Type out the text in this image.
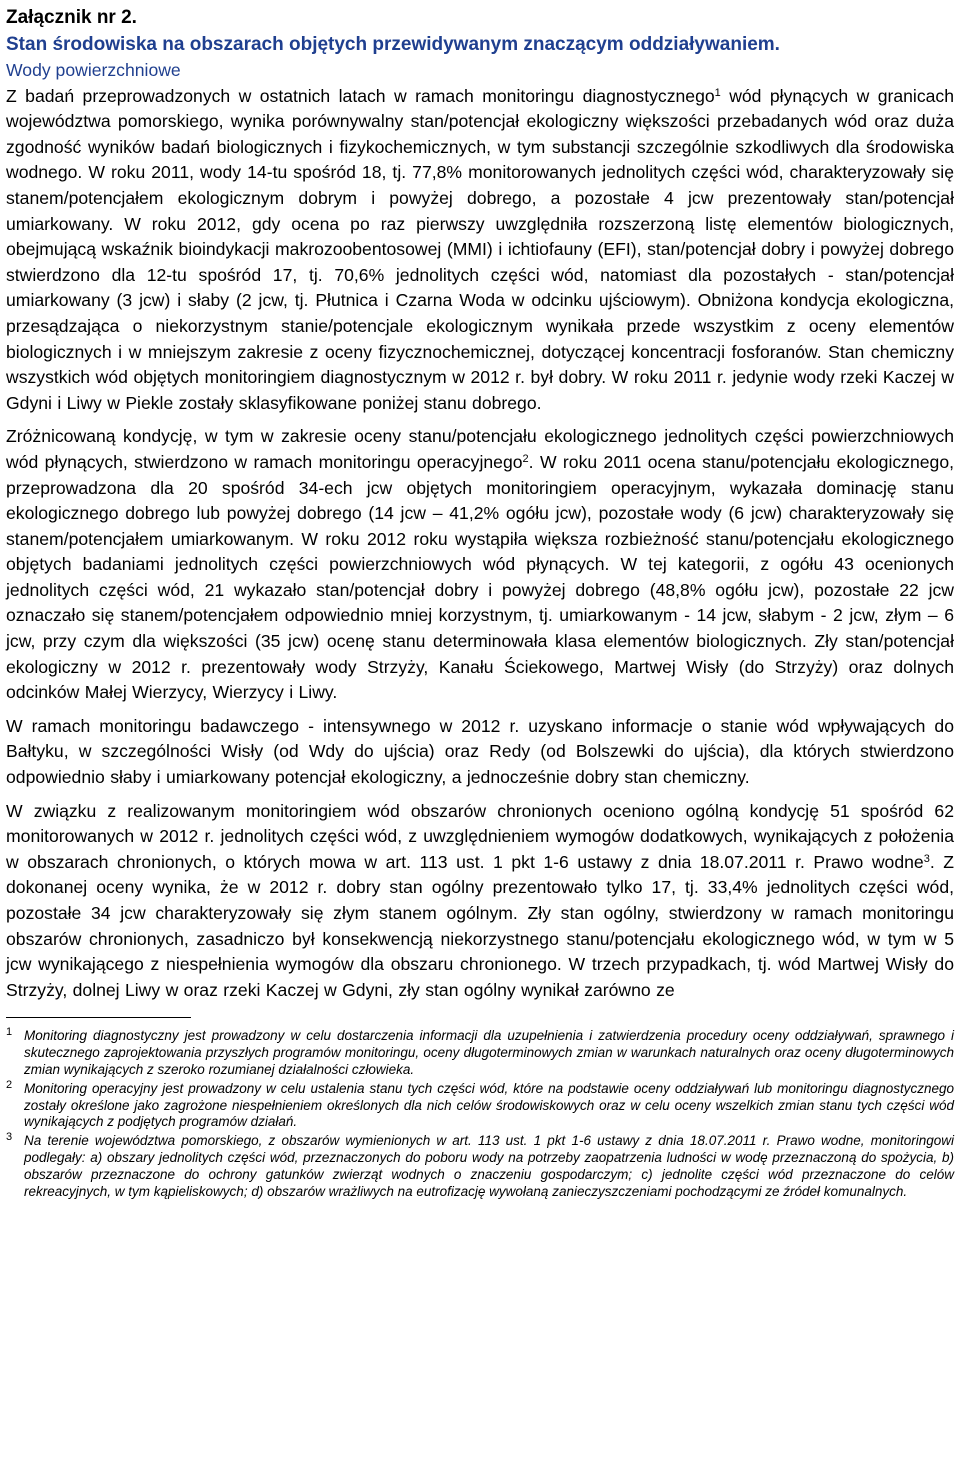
Załącznik nr 2.

Stan środowiska na obszarach objętych przewidywanym znaczącym oddziaływaniem.

Wody powierzchniowe

Z badań przeprowadzonych w ostatnich latach w ramach monitoringu diagnostycznego$^1$ wód płynących w granicach województwa pomorskiego, wynika porównywalny stan/potencjał ekologiczny większości przebadanych wód oraz duża zgodność wyników badań biologicznych i fizykochemicznych, w tym substancji szczególnie szkodliwych dla środowiska wodnego. W roku 2011, wody 14-tu spośród 18, tj. 77,8% monitorowanych jednolitych części wód, charakteryzowały się stanem/potencjałem ekologicznym dobrym i powyżej dobrego, a pozostałe 4 jcw prezentowały stan/potencjał umiarkowany. W roku 2012, gdy ocena po raz pierwszy uwzględniła rozszerzoną listę elementów biologicznych, obejmującą wskaźnik bioindykacji makrozoobentosowej (MMI) i ichtiofauny (EFI), stan/potencjał dobry i powyżej dobrego stwierdzono dla 12-tu spośród 17, tj. 70,6% jednolitych części wód, natomiast dla pozostałych - stan/potencjał umiarkowany (3 jcw) i słaby (2 jcw, tj. Płutnica i Czarna Woda w odcinku ujściowym). Obniżona kondycja ekologiczna, przesądzająca o niekorzystnym stanie/potencjale ekologicznym wynikała przede wszystkim z oceny elementów biologicznych i w mniejszym zakresie z oceny fizycznochemicznej, dotyczącej koncentracji fosforanów. Stan chemiczny wszystkich wód objętych monitoringiem diagnostycznym w 2012 r. był dobry. W roku 2011 r. jedynie wody rzeki Kaczej w Gdyni i Liwy w Piekle zostały sklasyfikowane poniżej stanu dobrego.

Zróżnicowaną kondycję, w tym w zakresie oceny stanu/potencjału ekologicznego jednolitych części powierzchniowych wód płynących, stwierdzono w ramach monitoringu operacyjnego$^2$. W roku 2011 ocena stanu/potencjału ekologicznego, przeprowadzona dla 20 spośród 34-ech jcw objętych monitoringiem operacyjnym, wykazała dominację stanu ekologicznego dobrego lub powyżej dobrego (14 jcw – 41,2% ogółu jcw), pozostałe wody (6 jcw) charakteryzowały się stanem/potencjałem umiarkowanym. W roku 2012 roku wystąpiła większa rozbieżność stanu/potencjału ekologicznego objętych badaniami jednolitych części powierzchniowych wód płynących. W tej kategorii, z ogółu 43 ocenionych jednolitych części wód, 21 wykazało stan/potencjał dobry i powyżej dobrego (48,8% ogółu jcw), pozostałe 22 jcw oznaczało się stanem/potencjałem odpowiednio mniej korzystnym, tj. umiarkowanym - 14 jcw, słabym - 2 jcw, złym – 6 jcw, przy czym dla większości (35 jcw) ocenę stanu determinowała klasa elementów biologicznych. Zły stan/potencjał ekologiczny w 2012 r. prezentowały wody Strzyży, Kanału Ściekowego, Martwej Wisły (do Strzyży) oraz dolnych odcinków Małej Wierzycy, Wierzycy i Liwy.

W ramach monitoringu badawczego - intensywnego w 2012 r. uzyskano informacje o stanie wód wpływających do Bałtyku, w szczególności Wisły (od Wdy do ujścia) oraz Redy (od Bolszewki do ujścia), dla których stwierdzono odpowiednio słaby i umiarkowany potencjał ekologiczny, a jednocześnie dobry stan chemiczny.

W związku z realizowanym monitoringiem wód obszarów chronionych oceniono ogólną kondycję 51 spośród 62 monitorowanych w 2012 r. jednolitych części wód, z uwzględnieniem wymogów dodatkowych, wynikających z położenia w obszarach chronionych, o których mowa w art. 113 ust. 1 pkt 1-6 ustawy z dnia 18.07.2011 r. Prawo wodne$^3$. Z dokonanej oceny wynika, że w 2012 r. dobry stan ogólny prezentowało tylko 17, tj. 33,4% jednolitych części wód, pozostałe 34 jcw charakteryzowały się złym stanem ogólnym. Zły stan ogólny, stwierdzony w ramach monitoringu obszarów chronionych, zasadniczo był konsekwencją niekorzystnego stanu/potencjału ekologicznego wód, w tym w 5 jcw wynikającego z niespełnienia wymogów dla obszaru chronionego. W trzech przypadkach, tj. wód Martwej Wisły do Strzyży, dolnej Liwy w oraz rzeki Kaczej w Gdyni, zły stan ogólny wynikał zarówno ze

1 Monitoring diagnostyczny jest prowadzony w celu dostarczenia informacji dla uzupełnienia i zatwierdzenia procedury oceny oddziaływań, sprawnego i skutecznego zaprojektowania przyszłych programów monitoringu, oceny długoterminowych zmian w warunkach naturalnych oraz oceny długoterminowych zmian wynikających z szeroko rozumianej działalności człowieka.

2 Monitoring operacyjny jest prowadzony w celu ustalenia stanu tych części wód, które na podstawie oceny oddziaływań lub monitoringu diagnostycznego zostały określone jako zagrożone niespełnieniem określonych dla nich celów środowiskowych oraz w celu oceny wszelkich zmian stanu tych części wód wynikających z podjętych programów działań.

3 Na terenie województwa pomorskiego, z obszarów wymienionych w art. 113 ust. 1 pkt 1-6 ustawy z dnia 18.07.2011 r. Prawo wodne, monitoringowi podlegały: a) obszary jednolitych części wód, przeznaczonych do poboru wody na potrzeby zaopatrzenia ludności w wodę przeznaczoną do spożycia, b) obszarów przeznaczone do ochrony gatunków zwierząt wodnych o znaczeniu gospodarczym; c) jednolite części wód przeznaczone do celów rekreacyjnych, w tym kąpieliskowych; d) obszarów wrażliwych na eutrofizację wywołaną zanieczyszczeniami pochodzącymi ze źródeł komunalnych.
